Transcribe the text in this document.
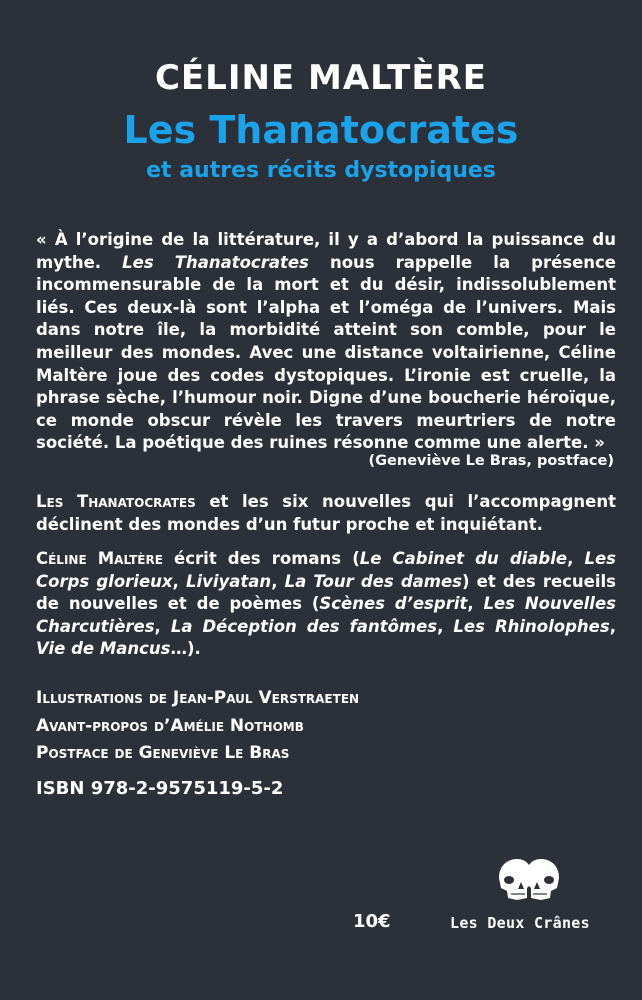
CÉLINE MALTÈRE
Les Thanatocrates
et autres récits dystopiques
« À l’origine de la littérature, il y a d’abord la puissance du mythe. Les Thanatocrates nous rappelle la présence incommensurable de la mort et du désir, indissolublement liés. Ces deux-là sont l’alpha et l’oméga de l’univers. Mais dans notre île, la morbidité atteint son comble, pour le meilleur des mondes. Avec une distance voltairienne, Céline Maltère joue des codes dystopiques. L’ironie est cruelle, la phrase sèche, l’humour noir. Digne d’une boucherie héroïque, ce monde obscur révèle les travers meurtriers de notre société. La poétique des ruines résonne comme une alerte. »
(Geneviève Le Bras, postface)
Les Thanatocrates et les six nouvelles qui l’accompagnent déclinent des mondes d’un futur proche et inquiétant.
Céline Maltère écrit des romans (Le Cabinet du diable, Les Corps glorieux, Liviyatan, La Tour des dames) et des recueils de nouvelles et de poèmes (Scènes d’esprit, Les Nouvelles Charcutières, La Déception des fantômes, Les Rhinolophes, Vie de Mancus…).
Illustrations de Jean-Paul Verstraeten
Avant-propos d’Amélie Nothomb
Postface de Geneviève Le Bras
ISBN 978-2-9575119-5-2
10€	Les Deux Crânes
